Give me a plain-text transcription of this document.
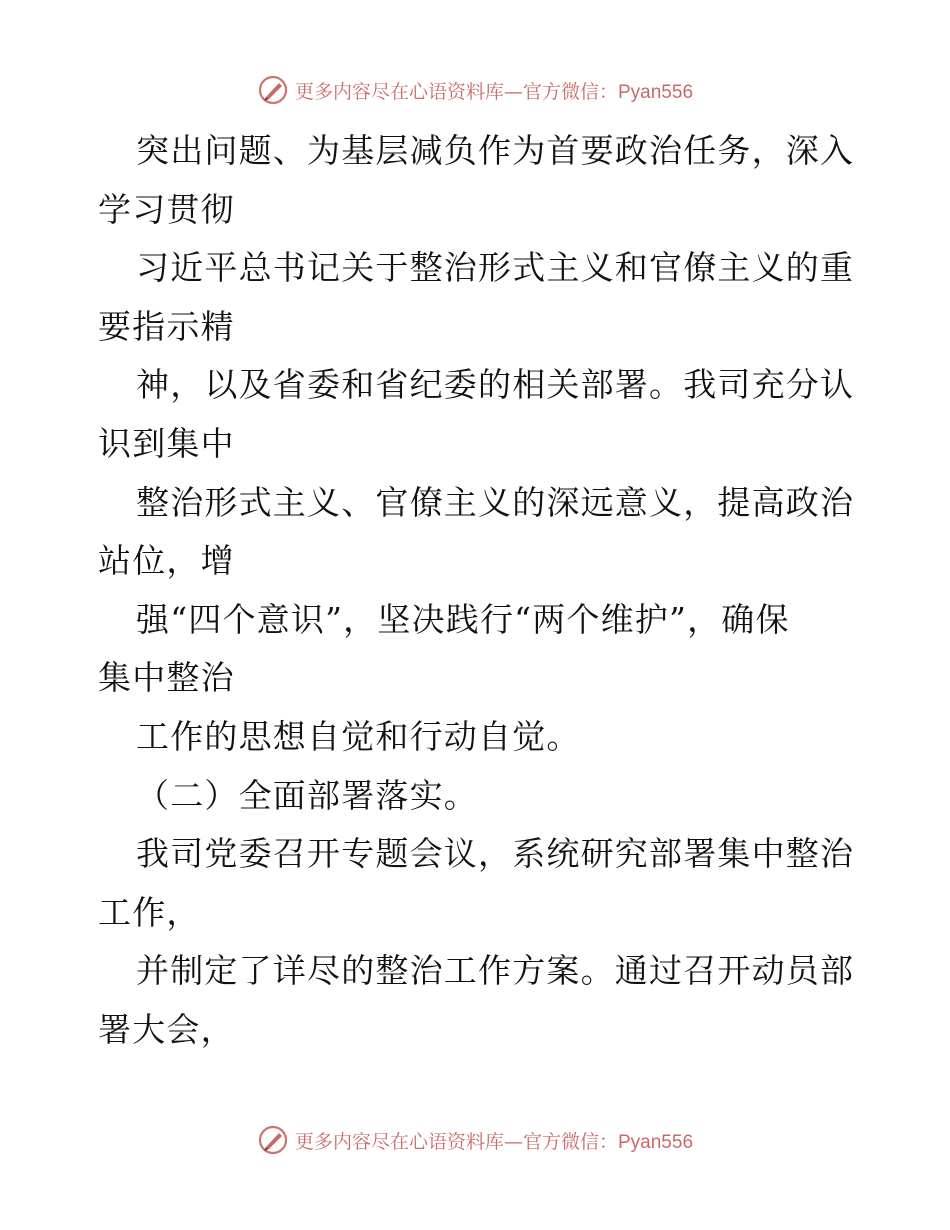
更多内容尽在心语资料库—官方微信：Pyan556
突出问题、为基层减负作为首要政治任务，深入
学习贯彻
习近平总书记关于整治形式主义和官僚主义的重
要指示精
神，以及省委和省纪委的相关部署。我司充分认
识到集中
整治形式主义、官僚主义的深远意义，提高政治
站位，增
强“四个意识”，坚决践行“两个维护”，确保
集中整治
工作的思想自觉和行动自觉。
（二）全面部署落实。
我司党委召开专题会议，系统研究部署集中整治
工作，
并制定了详尽的整治工作方案。通过召开动员部
署大会，
更多内容尽在心语资料库—官方微信：Pyan556
